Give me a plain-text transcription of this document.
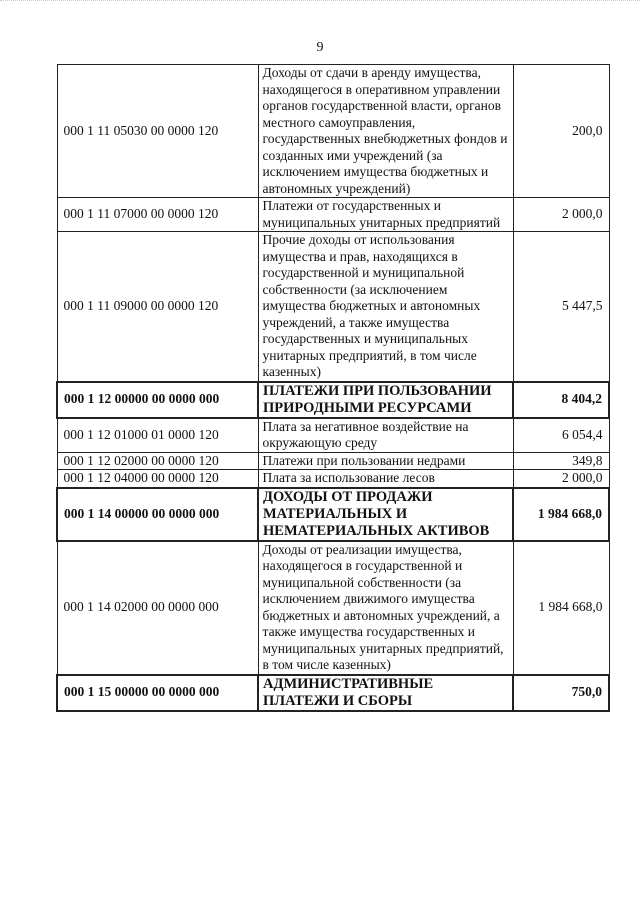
9
000 1 11 05030 00 0000 120	Доходы от сдачи в аренду имущества, находящегося в оперативном управлении органов государственной власти, органов местного самоуправления, государственных внебюджетных фондов и созданных ими учреждений (за исключением имущества бюджетных и автономных учреждений)	200,0
000 1 11 07000 00 0000 120	Платежи от государственных и муниципальных унитарных предприятий	2 000,0
000 1 11 09000 00 0000 120	Прочие доходы от использования имущества и прав, находящихся в государственной и муниципальной собственности (за исключением имущества бюджетных и автономных учреждений, а также имущества государственных и муниципальных унитарных предприятий, в том числе казенных)	5 447,5
000 1 12 00000 00 0000 000	ПЛАТЕЖИ ПРИ ПОЛЬЗОВАНИИ ПРИРОДНЫМИ РЕСУРСАМИ	8 404,2
000 1 12 01000 01 0000 120	Плата за негативное воздействие на окружающую среду	6 054,4
000 1 12 02000 00 0000 120	Платежи при пользовании недрами	349,8
000 1 12 04000 00 0000 120	Плата за использование лесов	2 000,0
000 1 14 00000 00 0000 000	ДОХОДЫ ОТ ПРОДАЖИ МАТЕРИАЛЬНЫХ И НЕМАТЕРИАЛЬНЫХ АКТИВОВ	1 984 668,0
000 1 14 02000 00 0000 000	Доходы от реализации имущества, находящегося в государственной и муниципальной собственности (за исключением движимого имущества бюджетных и автономных учреждений, а также имущества государственных и муниципальных унитарных предприятий, в том числе казенных)	1 984 668,0
000 1 15 00000 00 0000 000	АДМИНИСТРАТИВНЫЕ ПЛАТЕЖИ И СБОРЫ	750,0
